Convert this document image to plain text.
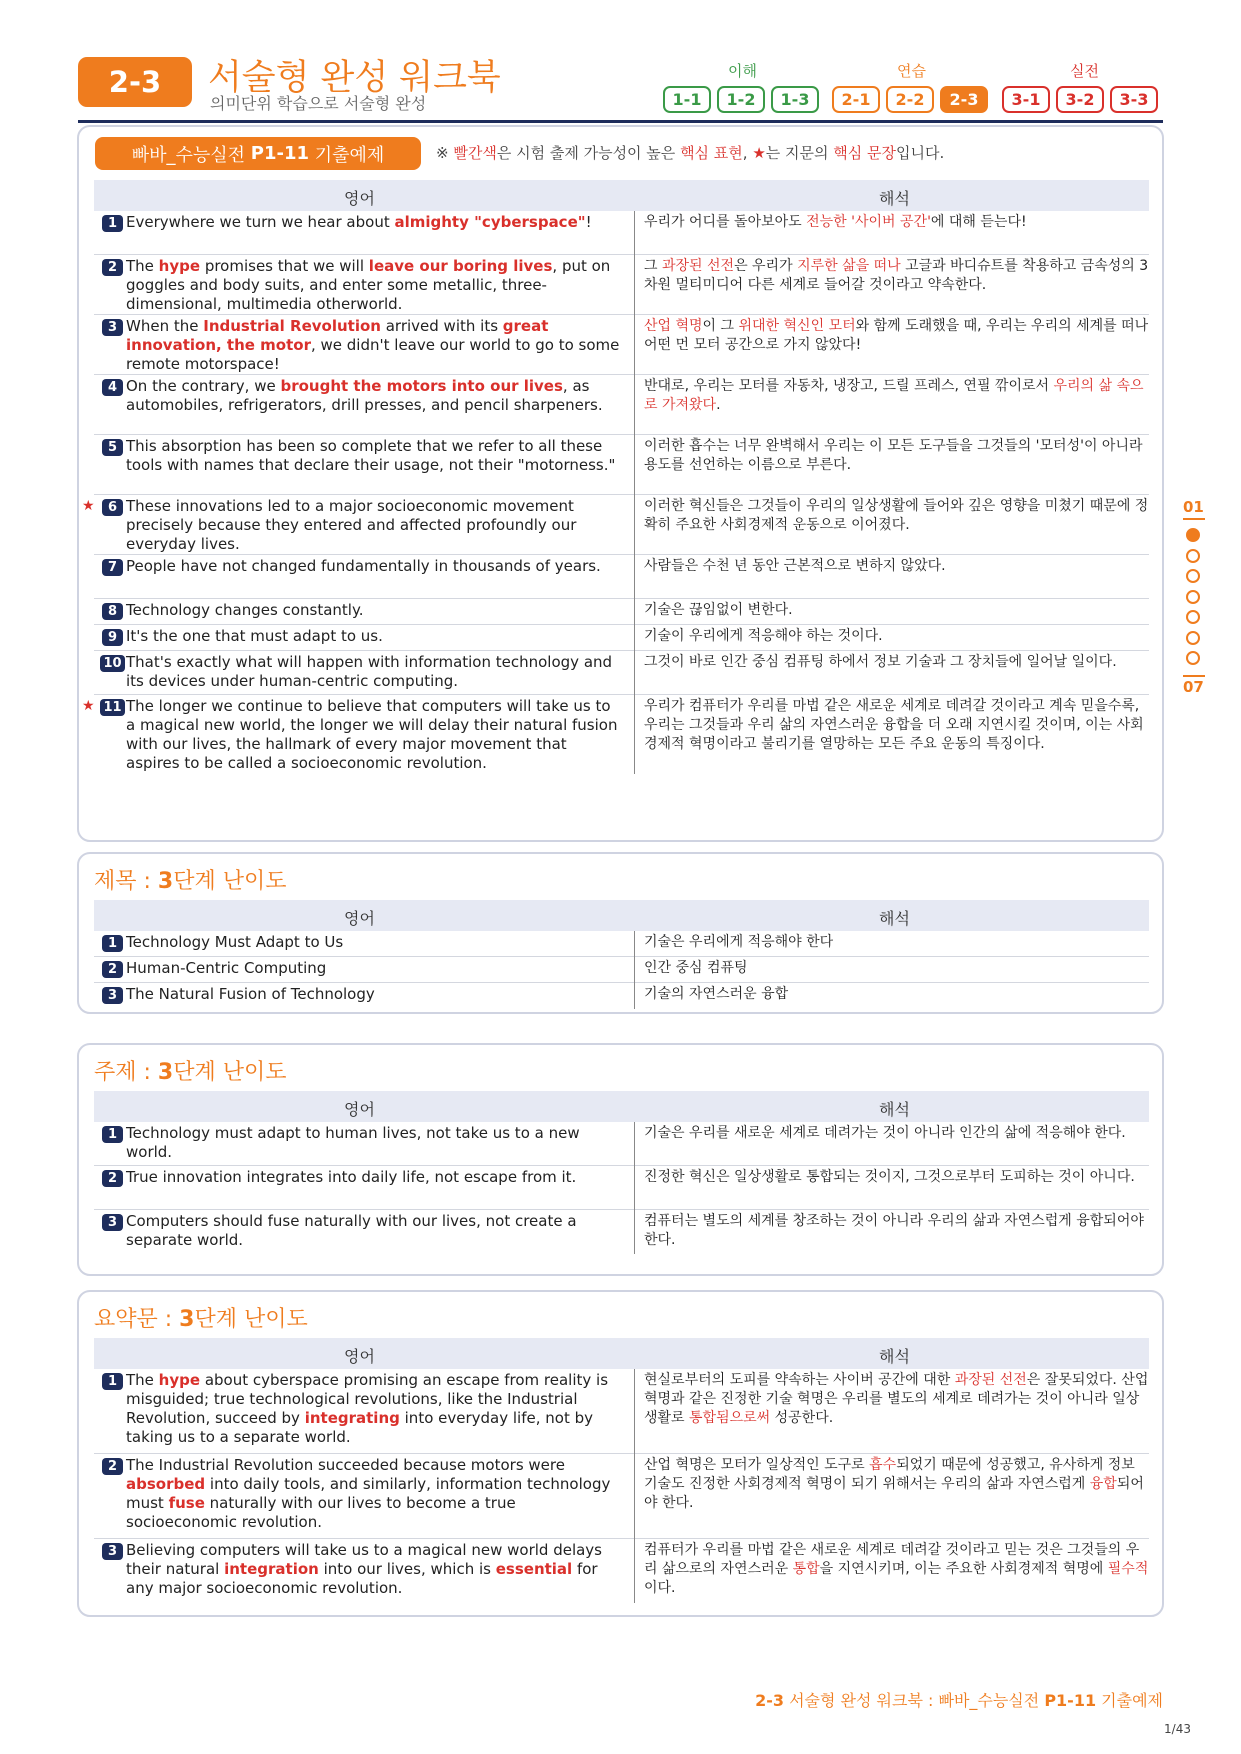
2-3	서술형 완성 워크북
의미단위 학습으로 서술형 완성
이해	연습	실전
1-1	1-2	1-3	2-1	2-2	2-3	3-1	3-2	3-3
빠바_수능실전 P1-11 기출예제	※ 빨간색은 시험 출제 가능성이 높은 핵심 표현, ★는 지문의 핵심 문장입니다.
영어	해석
1 Everywhere we turn we hear about almighty "cyberspace"!	우리가 어디를 돌아보아도 전능한 '사이버 공간'에 대해 듣는다!
2 The hype promises that we will leave our boring lives, put on goggles and body suits, and enter some metallic, three-dimensional, multimedia otherworld.
그 과장된 선전은 우리가 지루한 삶을 떠나 고글과 바디슈트를 착용하고 금속성의 3차원 멀티미디어 다른 세계로 들어갈 것이라고 약속한다.
3 When the Industrial Revolution arrived with its great innovation, the motor, we didn't leave our world to go to some remote motorspace!
산업 혁명이 그 위대한 혁신인 모터와 함께 도래했을 때, 우리는 우리의 세계를 떠나 어떤 먼 모터 공간으로 가지 않았다!
4 On the contrary, we brought the motors into our lives, as automobiles, refrigerators, drill presses, and pencil sharpeners.
반대로, 우리는 모터를 자동차, 냉장고, 드릴 프레스, 연필 깎이로서 우리의 삶 속으로 가져왔다.
5 This absorption has been so complete that we refer to all these tools with names that declare their usage, not their "motorness."
이러한 흡수는 너무 완벽해서 우리는 이 모든 도구들을 그것들의 '모터성'이 아니라 용도를 선언하는 이름으로 부른다.
★	6 These innovations led to a major socioeconomic movement precisely because they entered and affected profoundly our everyday lives.
이러한 혁신들은 그것들이 우리의 일상생활에 들어와 깊은 영향을 미쳤기 때문에 정확히 주요한 사회경제적 운동으로 이어졌다.
7 People have not changed fundamentally in thousands of years.	사람들은 수천 년 동안 근본적으로 변하지 않았다.
8 Technology changes constantly.	기술은 끊임없이 변한다.
9 It's the one that must adapt to us.	기술이 우리에게 적응해야 하는 것이다.
10 That's exactly what will happen with information technology and its devices under human-centric computing.
그것이 바로 인간 중심 컴퓨팅 하에서 정보 기술과 그 장치들에 일어날 일이다.
★ 11 The longer we continue to believe that computers will take us to a magical new world, the longer we will delay their natural fusion with our lives, the hallmark of every major movement that aspires to be called a socioeconomic revolution.
우리가 컴퓨터가 우리를 마법 같은 새로운 세계로 데려갈 것이라고 계속 믿을수록, 우리는 그것들과 우리 삶의 자연스러운 융합을 더 오래 지연시킬 것이며, 이는 사회경제적 혁명이라고 불리기를 열망하는 모든 주요 운동의 특징이다.
제목 : 3단계 난이도
영어	해석
1 Technology Must Adapt to Us	기술은 우리에게 적응해야 한다
2 Human-Centric Computing	인간 중심 컴퓨팅
3 The Natural Fusion of Technology	기술의 자연스러운 융합
주제 : 3단계 난이도
영어	해석
1 Technology must adapt to human lives, not take us to a new world.
기술은 우리를 새로운 세계로 데려가는 것이 아니라 인간의 삶에 적응해야 한다.
2 True innovation integrates into daily life, not escape from it.	진정한 혁신은 일상생활로 통합되는 것이지, 그것으로부터 도피하는 것이 아니다.
3 Computers should fuse naturally with our lives, not create a separate world.
컴퓨터는 별도의 세계를 창조하는 것이 아니라 우리의 삶과 자연스럽게 융합되어야 한다.
요약문 : 3단계 난이도
영어	해석
1 The hype about cyberspace promising an escape from reality is misguided; true technological revolutions, like the Industrial Revolution, succeed by integrating into everyday life, not by taking us to a separate world.
현실로부터의 도피를 약속하는 사이버 공간에 대한 과장된 선전은 잘못되었다. 산업 혁명과 같은 진정한 기술 혁명은 우리를 별도의 세계로 데려가는 것이 아니라 일상생활로 통합됨으로써 성공한다.
2 The Industrial Revolution succeeded because motors were absorbed into daily tools, and similarly, information technology must fuse naturally with our lives to become a true socioeconomic revolution.
산업 혁명은 모터가 일상적인 도구로 흡수되었기 때문에 성공했고, 유사하게 정보 기술도 진정한 사회경제적 혁명이 되기 위해서는 우리의 삶과 자연스럽게 융합되어야 한다.
3 Believing computers will take us to a magical new world delays their natural integration into our lives, which is essential for any major socioeconomic revolution.
컴퓨터가 우리를 마법 같은 새로운 세계로 데려갈 것이라고 믿는 것은 그것들의 우리 삶으로의 자연스러운 통합을 지연시키며, 이는 주요한 사회경제적 혁명에 필수적이다.
01
07
2-3 서술형 완성 워크북 : 빠바_수능실전 P1-11 기출예제
1/43
